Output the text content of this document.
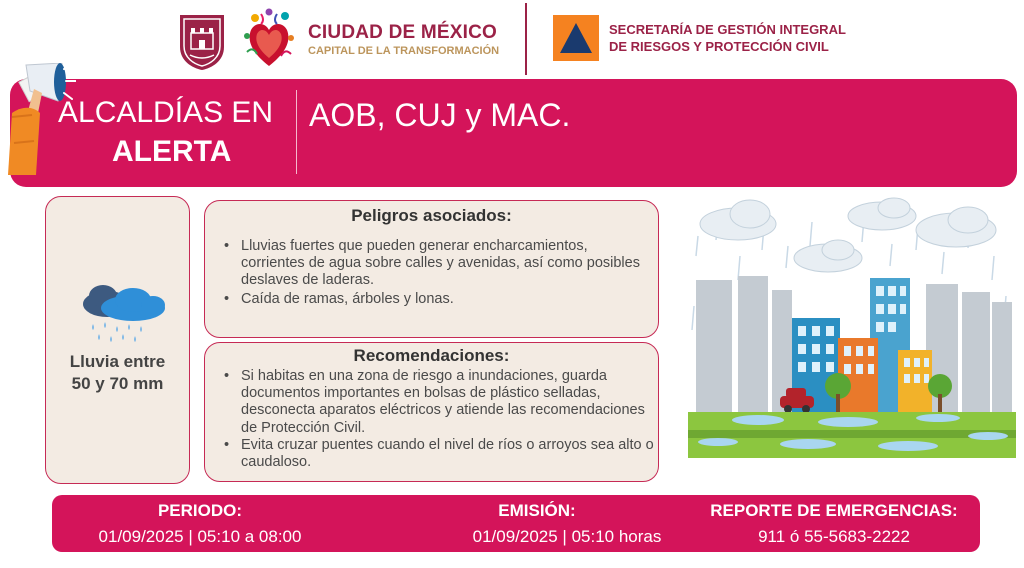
CIUDAD DE MÉXICO
CAPITAL DE LA TRANSFORMACIÓN
SECRETARÍA DE GESTIÓN INTEGRAL
DE RIESGOS Y PROTECCIÓN CIVIL
ALCALDÍAS EN
ALERTA
AOB, CUJ y MAC.
Lluvia entre
50 y 70 mm
Peligros asociados:
• Lluvias fuertes que pueden generar encharcamientos, corrientes de agua sobre calles y avenidas, así como posibles deslaves de laderas.
• Caída de ramas, árboles y lonas.
Recomendaciones:
• Si habitas en una zona de riesgo a inundaciones, guarda documentos importantes en bolsas de plástico selladas, desconecta aparatos eléctricos y atiende las recomendaciones de Protección Civil.
• Evita cruzar puentes cuando el nivel de ríos o arroyos sea alto o caudaloso.
PERIODO:
01/09/2025 | 05:10 a 08:00
EMISIÓN:
01/09/2025 | 05:10 horas
REPORTE DE EMERGENCIAS:
911 ó 55-5683-2222
